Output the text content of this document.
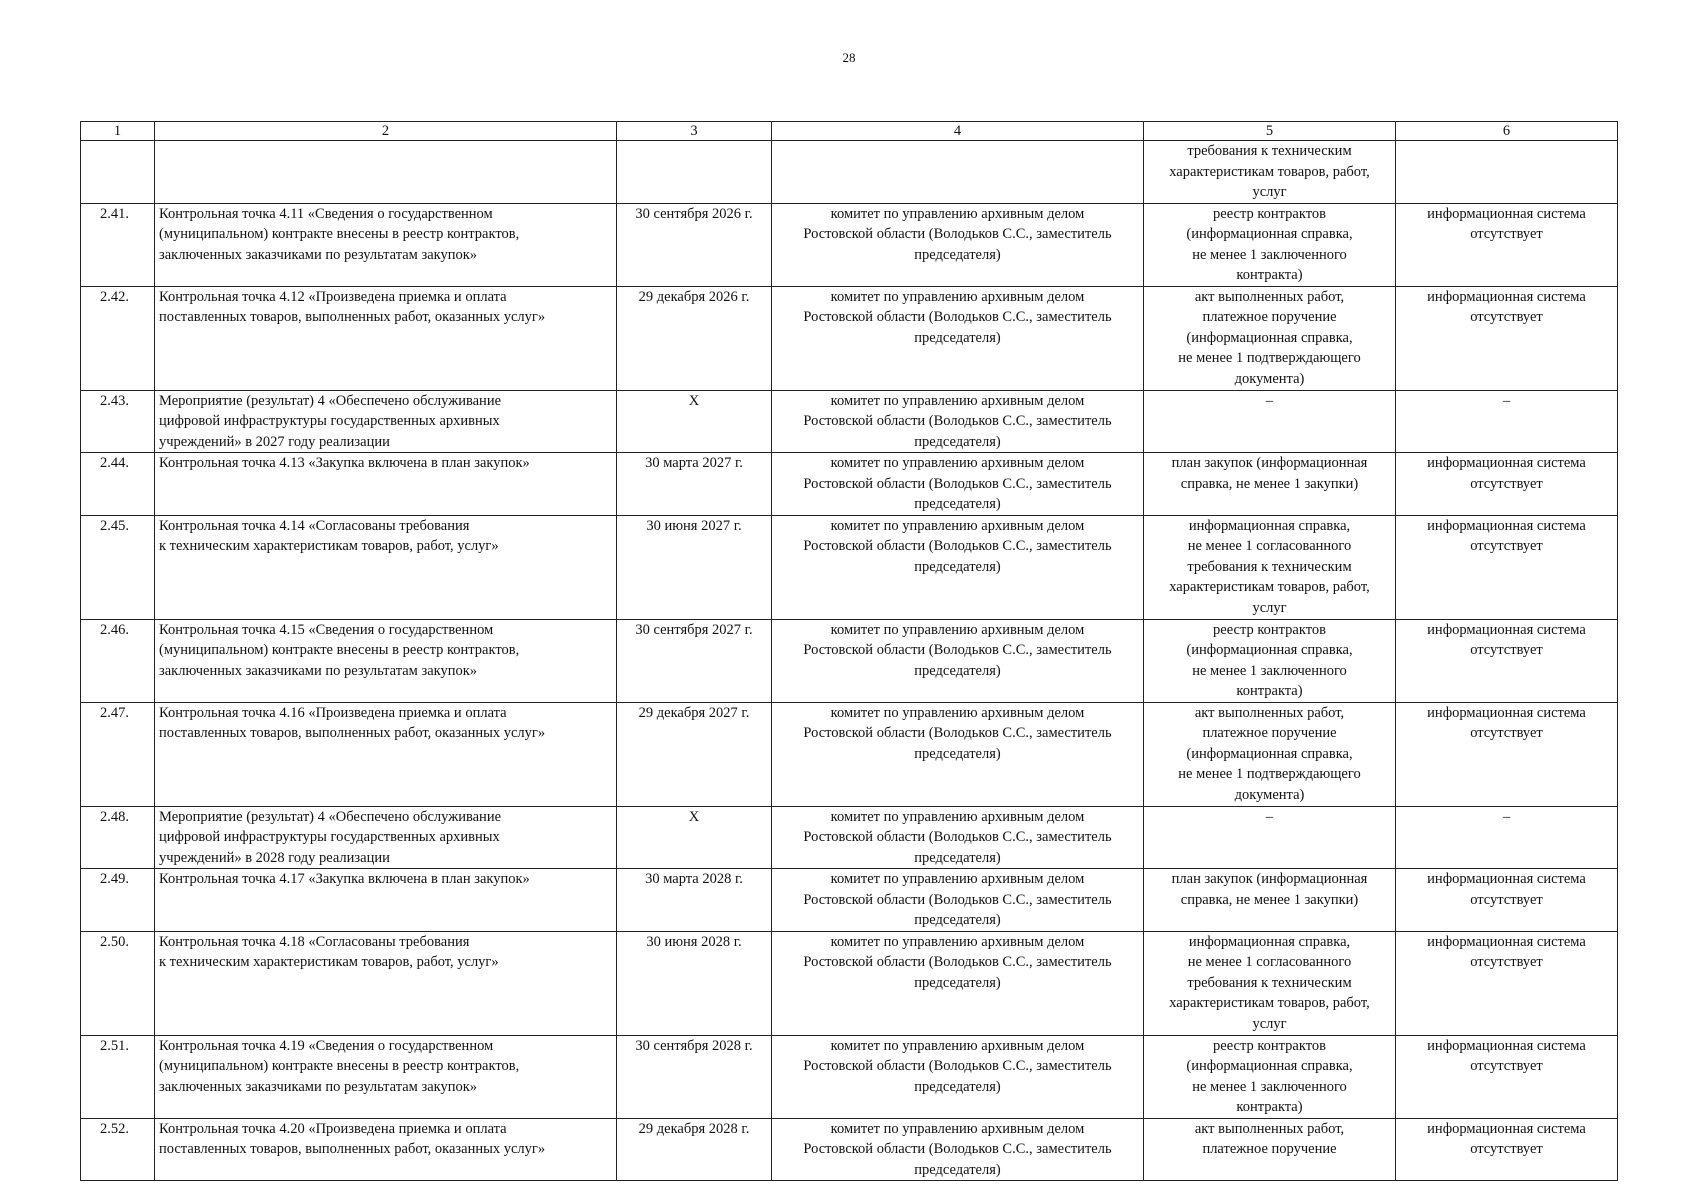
28
1	2	3	4	5	6

				требования к техническим
характеристикам товаров, работ,
услуг	

2.41.	Контрольная точка 4.11 «Сведения о государственном
(муниципальном) контракте внесены в реестр контрактов,
заключенных заказчиками по результатам закупок»	30 сентября 2026 г.	комитет по управлению архивным делом
Ростовской области (Володьков С.С., заместитель
председателя)	реестр контрактов
(информационная справка,
не менее 1 заключенного
контракта)	информационная система
отсутствует

2.42.	Контрольная точка 4.12 «Произведена приемка и оплата
поставленных товаров, выполненных работ, оказанных услуг»	29 декабря 2026 г.	комитет по управлению архивным делом
Ростовской области (Володьков С.С., заместитель
председателя)	акт выполненных работ,
платежное поручение
(информационная справка,
не менее 1 подтверждающего
документа)	информационная система
отсутствует

2.43.	Мероприятие (результат) 4 «Обеспечено обслуживание
цифровой инфраструктуры государственных архивных
учреждений» в 2027 году реализации	X	комитет по управлению архивным делом
Ростовской области (Володьков С.С., заместитель
председателя)	–	–

2.44.	Контрольная точка 4.13 «Закупка включена в план закупок»	30 марта 2027 г.	комитет по управлению архивным делом
Ростовской области (Володьков С.С., заместитель
председателя)	план закупок (информационная
справка, не менее 1 закупки)	информационная система
отсутствует

2.45.	Контрольная точка 4.14 «Согласованы требования
к техническим характеристикам товаров, работ, услуг»	30 июня 2027 г.	комитет по управлению архивным делом
Ростовской области (Володьков С.С., заместитель
председателя)	информационная справка,
не менее 1 согласованного
требования к техническим
характеристикам товаров, работ,
услуг	информационная система
отсутствует

2.46.	Контрольная точка 4.15 «Сведения о государственном
(муниципальном) контракте внесены в реестр контрактов,
заключенных заказчиками по результатам закупок»	30 сентября 2027 г.	комитет по управлению архивным делом
Ростовской области (Володьков С.С., заместитель
председателя)	реестр контрактов
(информационная справка,
не менее 1 заключенного
контракта)	информационная система
отсутствует

2.47.	Контрольная точка 4.16 «Произведена приемка и оплата
поставленных товаров, выполненных работ, оказанных услуг»	29 декабря 2027 г.	комитет по управлению архивным делом
Ростовской области (Володьков С.С., заместитель
председателя)	акт выполненных работ,
платежное поручение
(информационная справка,
не менее 1 подтверждающего
документа)	информационная система
отсутствует

2.48.	Мероприятие (результат) 4 «Обеспечено обслуживание
цифровой инфраструктуры государственных архивных
учреждений» в 2028 году реализации	X	комитет по управлению архивным делом
Ростовской области (Володьков С.С., заместитель
председателя)	–	–

2.49.	Контрольная точка 4.17 «Закупка включена в план закупок»	30 марта 2028 г.	комитет по управлению архивным делом
Ростовской области (Володьков С.С., заместитель
председателя)	план закупок (информационная
справка, не менее 1 закупки)	информационная система
отсутствует

2.50.	Контрольная точка 4.18 «Согласованы требования
к техническим характеристикам товаров, работ, услуг»	30 июня 2028 г.	комитет по управлению архивным делом
Ростовской области (Володьков С.С., заместитель
председателя)	информационная справка,
не менее 1 согласованного
требования к техническим
характеристикам товаров, работ,
услуг	информационная система
отсутствует

2.51.	Контрольная точка 4.19 «Сведения о государственном
(муниципальном) контракте внесены в реестр контрактов,
заключенных заказчиками по результатам закупок»	30 сентября 2028 г.	комитет по управлению архивным делом
Ростовской области (Володьков С.С., заместитель
председателя)	реестр контрактов
(информационная справка,
не менее 1 заключенного
контракта)	информационная система
отсутствует

2.52.	Контрольная точка 4.20 «Произведена приемка и оплата
поставленных товаров, выполненных работ, оказанных услуг»	29 декабря 2028 г.	комитет по управлению архивным делом
Ростовской области (Володьков С.С., заместитель
председателя)	акт выполненных работ,
платежное поручение	информационная система
отсутствует
